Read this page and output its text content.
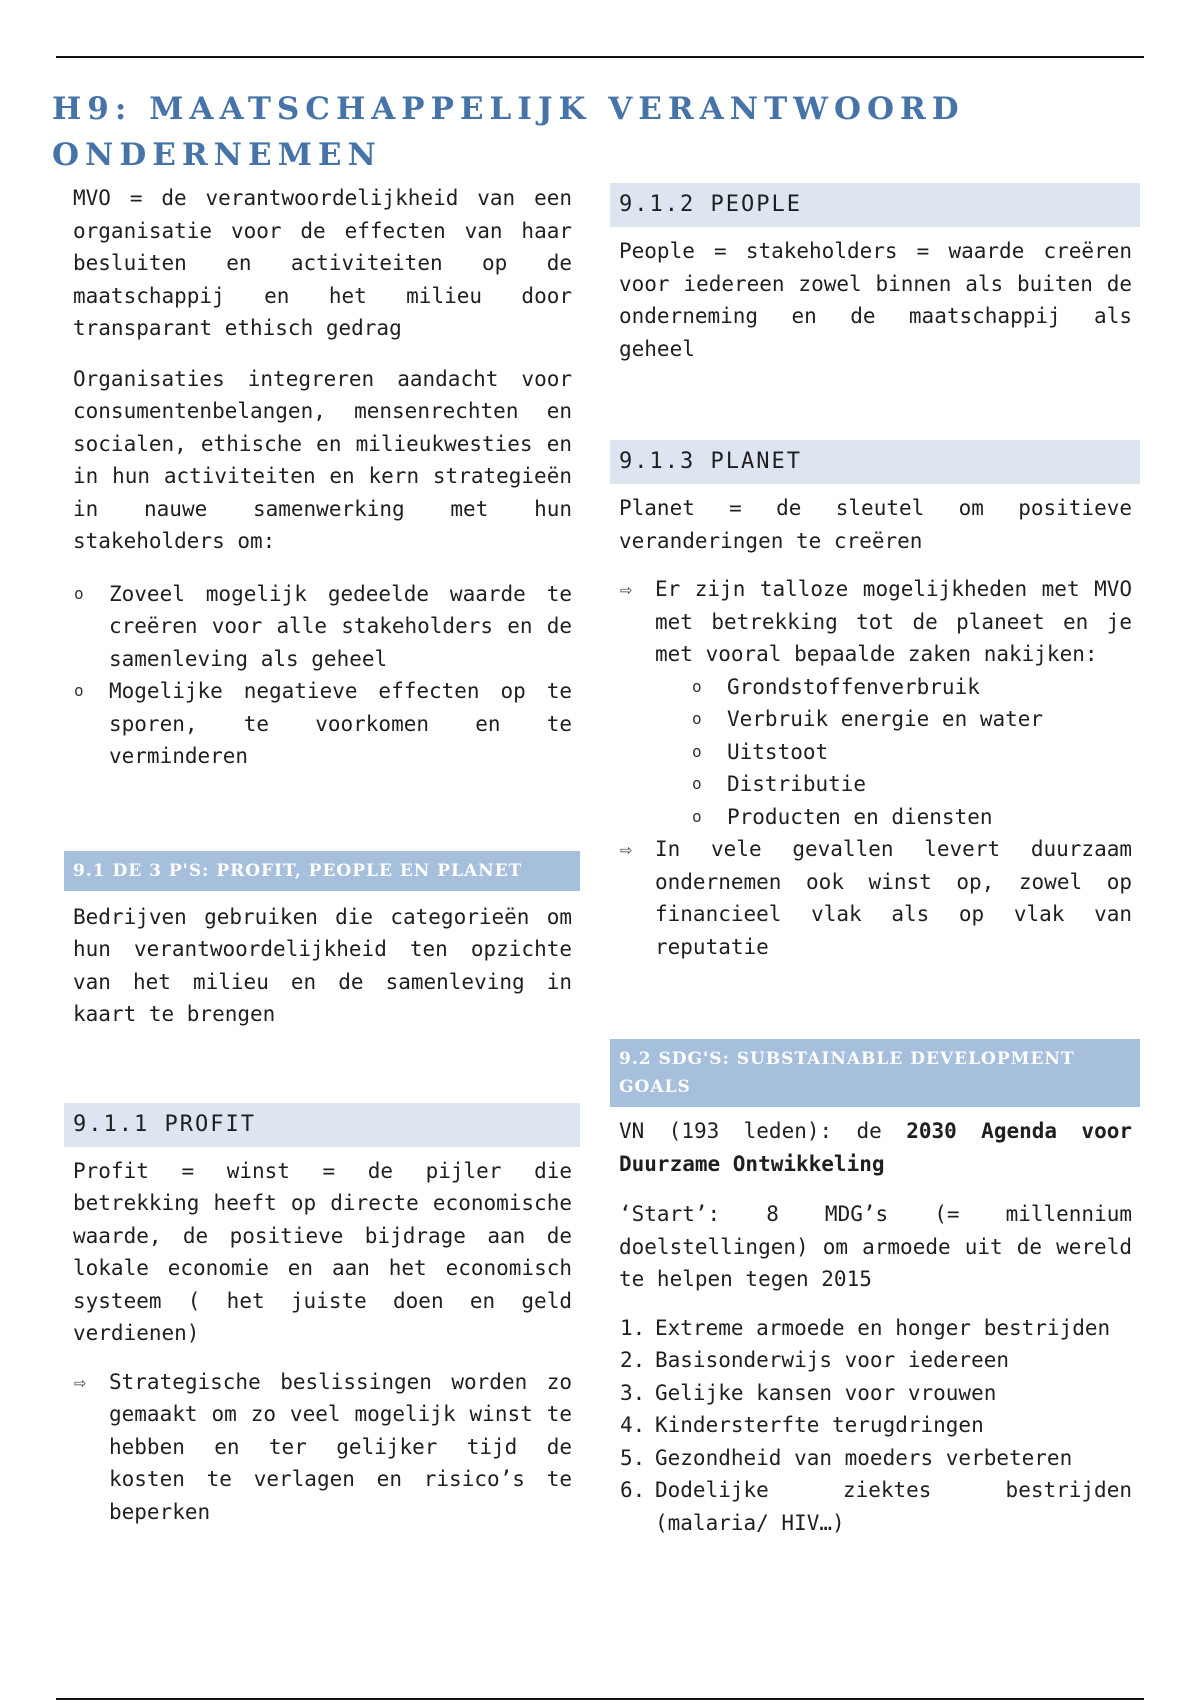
H9: MAATSCHAPPELIJK VERANTWOORD ONDERNEMEN

MVO = de verantwoordelijkheid van een organisatie voor de effecten van haar besluiten en activiteiten op de maatschappij en het milieu door transparant ethisch gedrag

Organisaties integreren aandacht voor consumentenbelangen, mensenrechten en socialen, ethische en milieukwesties en in hun activiteiten en kern strategieën in nauwe samenwerking met hun stakeholders om:

o Zoveel mogelijk gedeelde waarde te creëren voor alle stakeholders en de samenleving als geheel
o Mogelijke negatieve effecten op te sporen, te voorkomen en te verminderen
9.1 DE 3 P'S: PROFIT, PEOPLE EN PLANET

Bedrijven gebruiken die categorieën om hun verantwoordelijkheid ten opzichte van het milieu en de samenleving in kaart te brengen

9.1.1 PROFIT

Profit = winst = de pijler die betrekking heeft op directe economische waarde, de positieve bijdrage aan de lokale economie en aan het economisch systeem ( het juiste doen en geld verdienen)

⇨ Strategische beslissingen worden zo gemaakt om zo veel mogelijk winst te hebben en ter gelijker tijd de kosten te verlagen en risico’s te beperken
9.1.2 PEOPLE

People = stakeholders = waarde creëren voor iedereen zowel binnen als buiten de onderneming en de maatschappij als geheel

9.1.3 PLANET

Planet = de sleutel om positieve veranderingen te creëren

⇨ Er zijn talloze mogelijkheden met MVO met betrekking tot de planeet en je met vooral bepaalde zaken nakijken:
o Grondstoffenverbruik
o Verbruik energie en water
o Uitstoot
o Distributie
o Producten en diensten
⇨ In vele gevallen levert duurzaam ondernemen ook winst op, zowel op financieel vlak als op vlak van reputatie
9.2 SDG'S: SUBSTAINABLE DEVELOPMENT GOALS

VN (193 leden): de 2030 Agenda voor Duurzame Ontwikkeling

‘Start’: 8 MDG’s (= millennium doelstellingen) om armoede uit de wereld te helpen tegen 2015

1. Extreme armoede en honger bestrijden
2. Basisonderwijs voor iedereen
3. Gelijke kansen voor vrouwen
4. Kindersterfte terugdringen
5. Gezondheid van moeders verbeteren
6. Dodelijke ziektes bestrijden (malaria/ HIV…)
